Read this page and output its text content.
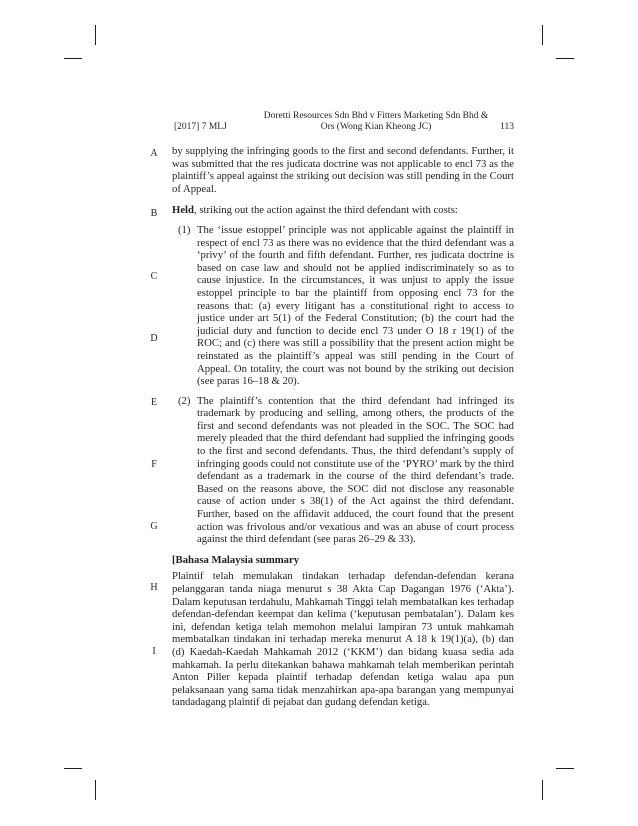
[2017] 7 MLJ
Doretti Resources Sdn Bhd v Fitters Marketing Sdn Bhd &
Ors (Wong Kian Kheong JC)	113
A
B
C
D
E
F
G
H
I

by supplying the infringing goods to the first and second defendants. Further, it was submitted that the res judicata doctrine was not applicable to encl 73 as the plaintiff’s appeal against the striking out decision was still pending in the Court of Appeal.

Held, striking out the action against the third defendant with costs:

(1) The ‘issue estoppel’ principle was not applicable against the plaintiff in respect of encl 73 as there was no evidence that the third defendant was a ‘privy’ of the fourth and fifth defendant. Further, res judicata doctrine is based on case law and should not be applied indiscriminately so as to cause injustice. In the circumstances, it was unjust to apply the issue estoppel principle to bar the plaintiff from opposing encl 73 for the reasons that: (a) every litigant has a constitutional right to access to justice under art 5(1) of the Federal Constitution; (b) the court had the judicial duty and function to decide encl 73 under O 18 r 19(1) of the ROC; and (c) there was still a possibility that the present action might be reinstated as the plaintiff’s appeal was still pending in the Court of Appeal. On totality, the court was not bound by the striking out decision (see paras 16–18 & 20).

(2) The plaintiff’s contention that the third defendant had infringed its trademark by producing and selling, among others, the products of the first and second defendants was not pleaded in the SOC. The SOC had merely pleaded that the third defendant had supplied the infringing goods to the first and second defendants. Thus, the third defendant’s supply of infringing goods could not constitute use of the ‘PYRO’ mark by the third defendant as a trademark in the course of the third defendant’s trade. Based on the reasons above, the SOC did not disclose any reasonable cause of action under s 38(1) of the Act against the third defendant. Further, based on the affidavit adduced, the court found that the present action was frivolous and/or vexatious and was an abuse of court process against the third defendant (see paras 26–29 & 33).

[Bahasa Malaysia summary

Plaintif telah memulakan tindakan terhadap defendan-defendan kerana pelanggaran tanda niaga menurut s 38 Akta Cap Dagangan 1976 (‘Akta’). Dalam keputusan terdahulu, Mahkamah Tinggi telah membatalkan kes terhadap defendan-defendan keempat dan kelima (‘keputusan pembatalan’). Dalam kes ini, defendan ketiga telah memohon melalui lampiran 73 untuk mahkamah membatalkan tindakan ini terhadap mereka menurut A 18 k 19(1)(a), (b) dan (d) Kaedah-Kaedah Mahkamah 2012 (‘KKM’) dan bidang kuasa sedia ada mahkamah. Ia perlu ditekankan bahawa mahkamah telah memberikan perintah Anton Piller kepada plaintif terhadap defendan ketiga walau apa pun pelaksanaan yang sama tidak menzahirkan apa-apa barangan yang mempunyai tandadagang plaintif di pejabat dan gudang defendan ketiga.
